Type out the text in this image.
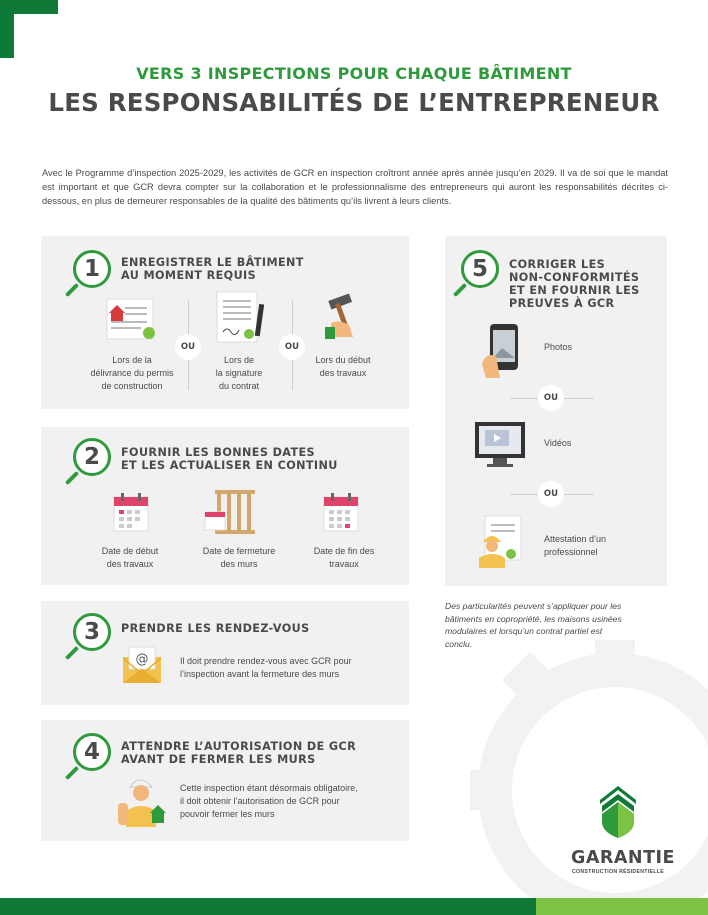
VERS 3 INSPECTIONS POUR CHAQUE BÂTIMENT
LES RESPONSABILITÉS DE L’ENTREPRENEUR
Avec le Programme d’inspection 2025-2029, les activités de GCR en inspection croîtront année après année jusqu’en 2029. Il va de soi que le mandat est important et que GCR devra compter sur la collaboration et le professionnalisme des entrepreneurs qui auront les responsabilités décrites ci-dessous, en plus de demeurer responsables de la qualité des bâtiments qu’ils livrent à leurs clients.
1	ENREGISTRER LE BÂTIMENT
AU MOMENT REQUIS
OU	OU
Lors de la
délivrance du permis
de construction
Lors de
la signature
du contrat
Lors du début
des travaux
2	FOURNIR LES BONNES DATES
ET LES ACTUALISER EN CONTINU
Date de début
des travaux
Date de fermeture
des murs
Date de fin des
travaux
3	PRENDRE LES RENDEZ-VOUS
@	Il doit prendre rendez-vous avec GCR pour
l’inspection avant la fermeture des murs
4	ATTENDRE L’AUTORISATION DE GCR
AVANT DE FERMER LES MURS
Cette inspection étant désormais obligatoire,
il doit obtenir l’autorisation de GCR pour
pouvoir fermer les murs
5	CORRIGER LES
NON-CONFORMITÉS
ET EN FOURNIR LES
PREUVES À GCR
Photos
OU
Vidéos
OU
Attestation d’un
professionnel
Des particularités peuvent s’appliquer pour les
bâtiments en copropriété, les maisons usinées
modulaires et lorsqu’un contrat partiel est
conclu.
GARANTIE
CONSTRUCTION RÉSIDENTIELLE
